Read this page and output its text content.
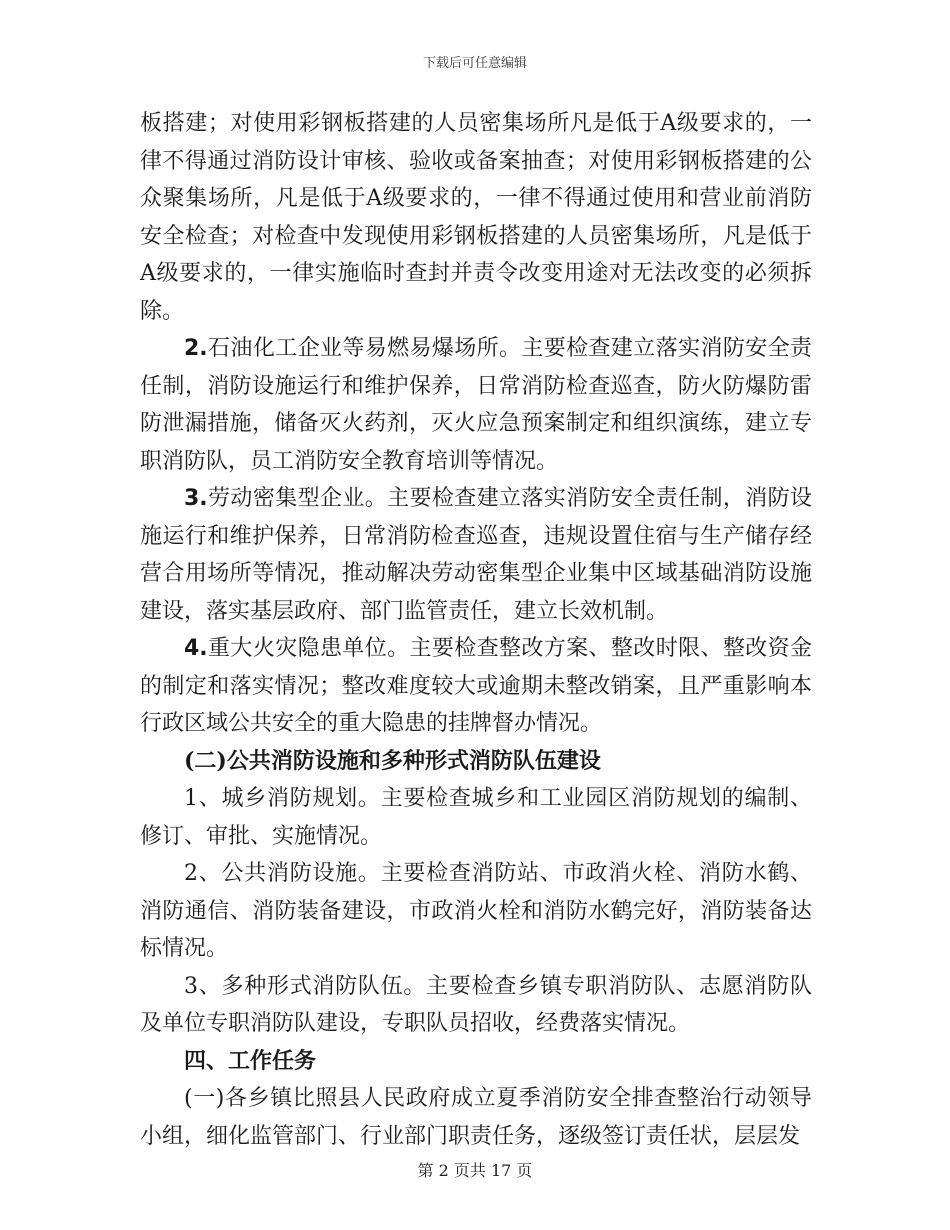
下载后可任意编辑

板搭建；对使用彩钢板搭建的人员密集场所凡是低于A级要求的，一律不得通过消防设计审核、验收或备案抽查；对使用彩钢板搭建的公众聚集场所，凡是低于A级要求的，一律不得通过使用和营业前消防安全检查；对检查中发现使用彩钢板搭建的人员密集场所，凡是低于A级要求的，一律实施临时查封并责令改变用途对无法改变的必须拆除。

2.石油化工企业等易燃易爆场所。主要检查建立落实消防安全责任制，消防设施运行和维护保养，日常消防检查巡查，防火防爆防雷防泄漏措施，储备灭火药剂，灭火应急预案制定和组织演练，建立专职消防队，员工消防安全教育培训等情况。

3.劳动密集型企业。主要检查建立落实消防安全责任制，消防设施运行和维护保养，日常消防检查巡查，违规设置住宿与生产储存经营合用场所等情况，推动解决劳动密集型企业集中区域基础消防设施建设，落实基层政府、部门监管责任，建立长效机制。

4.重大火灾隐患单位。主要检查整改方案、整改时限、整改资金的制定和落实情况；整改难度较大或逾期未整改销案，且严重影响本行政区域公共安全的重大隐患的挂牌督办情况。

(二)公共消防设施和多种形式消防队伍建设

1、城乡消防规划。主要检查城乡和工业园区消防规划的编制、修订、审批、实施情况。

2、公共消防设施。主要检查消防站、市政消火栓、消防水鹤、消防通信、消防装备建设，市政消火栓和消防水鹤完好，消防装备达标情况。

3、多种形式消防队伍。主要检查乡镇专职消防队、志愿消防队及单位专职消防队建设，专职队员招收，经费落实情况。

四、工作任务

(一)各乡镇比照县人民政府成立夏季消防安全排查整治行动领导小组，细化监管部门、行业部门职责任务，逐级签订责任状，层层发

第 2 页共 17 页
